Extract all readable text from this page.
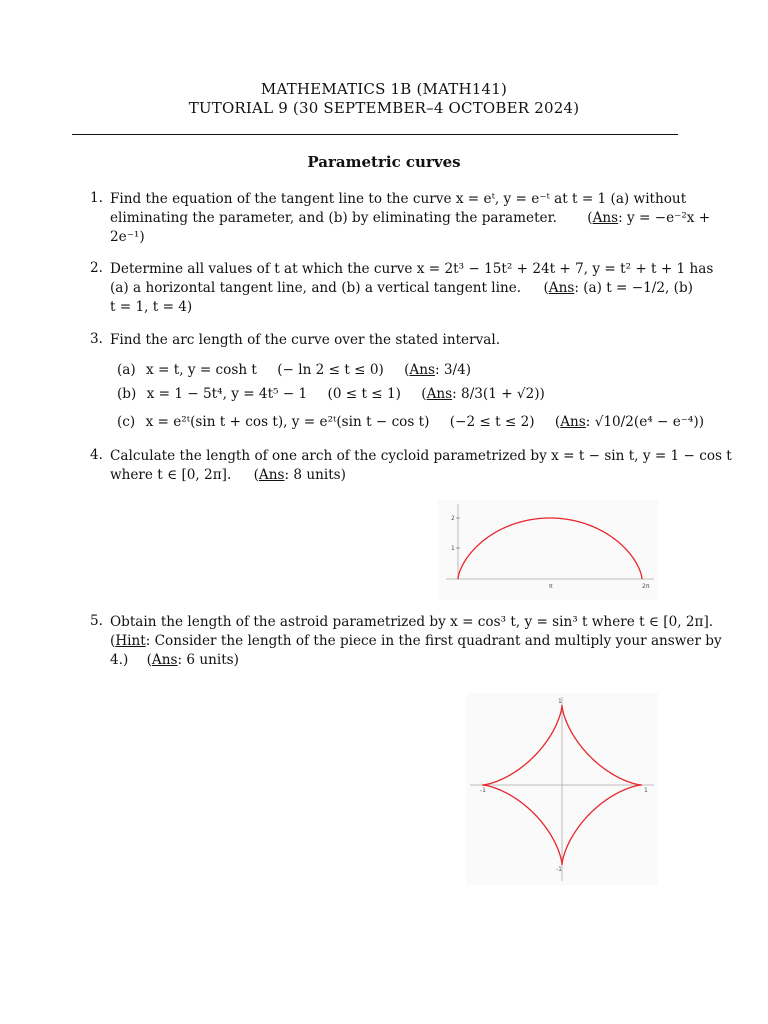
MATHEMATICS 1B (MATH141)
TUTORIAL 9 (30 SEPTEMBER–4 OCTOBER 2024)
Parametric curves
1. Find the equation of the tangent line to the curve x = eᵗ, y = e⁻ᵗ at t = 1 (a) without
eliminating the parameter, and (b) by eliminating the parameter. (Ans: y = −e⁻²x +
2e⁻¹)
2. Determine all values of t at which the curve x = 2t³ − 15t² + 24t + 7, y = t² + t + 1 has
(a) a horizontal tangent line, and (b) a vertical tangent line. (Ans: (a) t = −1/2, (b)
t = 1, t = 4)
3. Find the arc length of the curve over the stated interval.
(a) x = t, y = cosh t (− ln 2 ≤ t ≤ 0) (Ans: 3/4)
(b) x = 1 − 5t⁴, y = 4t⁵ − 1 (0 ≤ t ≤ 1) (Ans: 8/3(1 + √2))
(c) x = e²ᵗ(sin t + cos t), y = e²ᵗ(sin t − cos t) (−2 ≤ t ≤ 2) (Ans: √10/2(e⁴ − e⁻⁴))
4. Calculate the length of one arch of the cycloid parametrized by x = t − sin t, y = 1 − cos t
where t ∈ [0, 2π]. (Ans: 8 units)
2
1
π	2π
5. Obtain the length of the astroid parametrized by x = cos³ t, y = sin³ t where t ∈ [0, 2π].
(Hint: Consider the length of the piece in the first quadrant and multiply your answer by
4.) (Ans: 6 units)
1
-1	1
-1
